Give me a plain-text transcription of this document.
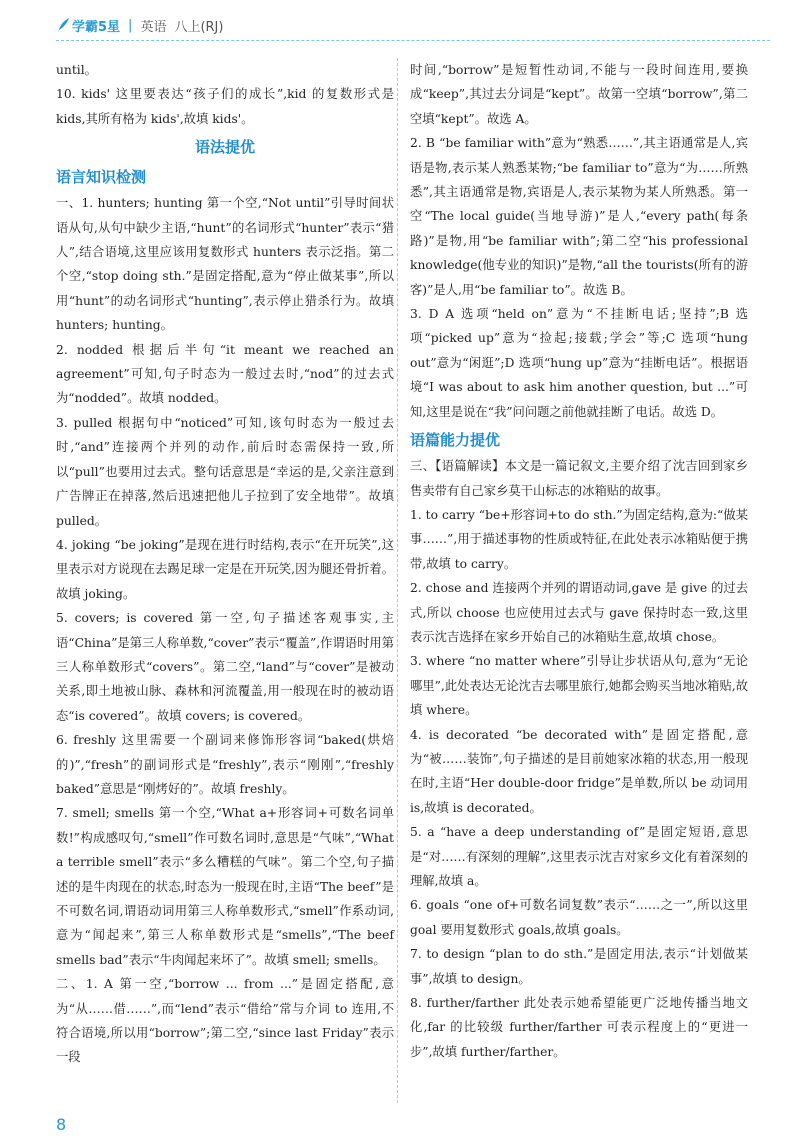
学霸5星 | 英语 八上(RJ)

until。

10. kids' 这里要表达“孩子们的成长”,kid 的复数形式是 kids,其所有格为 kids',故填 kids'。

语法提优
语言知识检测

一、1. hunters; hunting 第一个空,“Not until”引导时间状语从句,从句中缺少主语,“hunt”的名词形式“hunter”表示“猎人”,结合语境,这里应该用复数形式 hunters 表示泛指。第二个空,“stop doing sth.”是固定搭配,意为“停止做某事”,所以用“hunt”的动名词形式“hunting”,表示停止猎杀行为。故填 hunters; hunting。

2. nodded 根据后半句“it meant we reached an agreement”可知,句子时态为一般过去时,“nod”的过去式为“nodded”。故填 nodded。

3. pulled 根据句中“noticed”可知,该句时态为一般过去时,“and”连接两个并列的动作,前后时态需保持一致,所以“pull”也要用过去式。整句话意思是“幸运的是,父亲注意到广告牌正在掉落,然后迅速把他儿子拉到了安全地带”。故填 pulled。

4. joking “be joking”是现在进行时结构,表示“在开玩笑”,这里表示对方说现在去踢足球一定是在开玩笑,因为腿还骨折着。故填 joking。

5. covers; is covered 第一空,句子描述客观事实,主语“China”是第三人称单数,“cover”表示“覆盖”,作谓语时用第三人称单数形式“covers”。第二空,“land”与“cover”是被动关系,即土地被山脉、森林和河流覆盖,用一般现在时的被动语态“is covered”。故填 covers; is covered。

6. freshly 这里需要一个副词来修饰形容词“baked(烘焙的)”,“fresh”的副词形式是“freshly”,表示“刚刚”,“freshly baked”意思是“刚烤好的”。故填 freshly。

7. smell; smells 第一个空,“What a+形容词+可数名词单数!”构成感叹句,“smell”作可数名词时,意思是“气味”,“What a terrible smell”表示“多么糟糕的气味”。第二个空,句子描述的是牛肉现在的状态,时态为一般现在时,主语“The beef”是不可数名词,谓语动词用第三人称单数形式,“smell”作系动词,意为“闻起来”,第三人称单数形式是“smells”,“The beef smells bad”表示“牛肉闻起来坏了”。故填 smell; smells。

二、1. A 第一空,“borrow ... from ...”是固定搭配,意为“从……借……”,而“lend”表示“借给”常与介词 to 连用,不符合语境,所以用“borrow”;第二空,“since last Friday”表示一段

时间,“borrow”是短暂性动词,不能与一段时间连用,要换成“keep”,其过去分词是“kept”。故第一空填“borrow”,第二空填“kept”。故选 A。

2. B “be familiar with”意为“熟悉……”,其主语通常是人,宾语是物,表示某人熟悉某物;“be familiar to”意为“为……所熟悉”,其主语通常是物,宾语是人,表示某物为某人所熟悉。第一空“The local guide(当地导游)”是人,“every path(每条路)”是物,用“be familiar with”;第二空“his professional knowledge(他专业的知识)”是物,“all the tourists(所有的游客)”是人,用“be familiar to”。故选 B。

3. D A 选项“held on”意为“不挂断电话;坚持”;B 选项“picked up”意为“捡起;接载;学会”等;C 选项“hung out”意为“闲逛”;D 选项“hung up”意为“挂断电话”。根据语境“I was about to ask him another question, but ...”可知,这里是说在“我”问问题之前他就挂断了电话。故选 D。

语篇能力提优

三、【语篇解读】本文是一篇记叙文,主要介绍了沈吉回到家乡售卖带有自己家乡莫干山标志的冰箱贴的故事。

1. to carry “be+形容词+to do sth.”为固定结构,意为:“做某事……”,用于描述事物的性质或特征,在此处表示冰箱贴便于携带,故填 to carry。

2. chose and 连接两个并列的谓语动词,gave 是 give 的过去式,所以 choose 也应使用过去式与 gave 保持时态一致,这里表示沈吉选择在家乡开始自己的冰箱贴生意,故填 chose。

3. where “no matter where”引导让步状语从句,意为“无论哪里”,此处表达无论沈吉去哪里旅行,她都会购买当地冰箱贴,故填 where。

4. is decorated “be decorated with”是固定搭配,意为“被……装饰”,句子描述的是目前她家冰箱的状态,用一般现在时,主语“Her double-door fridge”是单数,所以 be 动词用 is,故填 is decorated。

5. a “have a deep understanding of”是固定短语,意思是“对……有深刻的理解”,这里表示沈吉对家乡文化有着深刻的理解,故填 a。

6. goals “one of+可数名词复数”表示“……之一”,所以这里 goal 要用复数形式 goals,故填 goals。

7. to design “plan to do sth.”是固定用法,表示“计划做某事”,故填 to design。

8. further/farther 此处表示她希望能更广泛地传播当地文化,far 的比较级 further/farther 可表示程度上的“更进一步”,故填 further/farther。

8
